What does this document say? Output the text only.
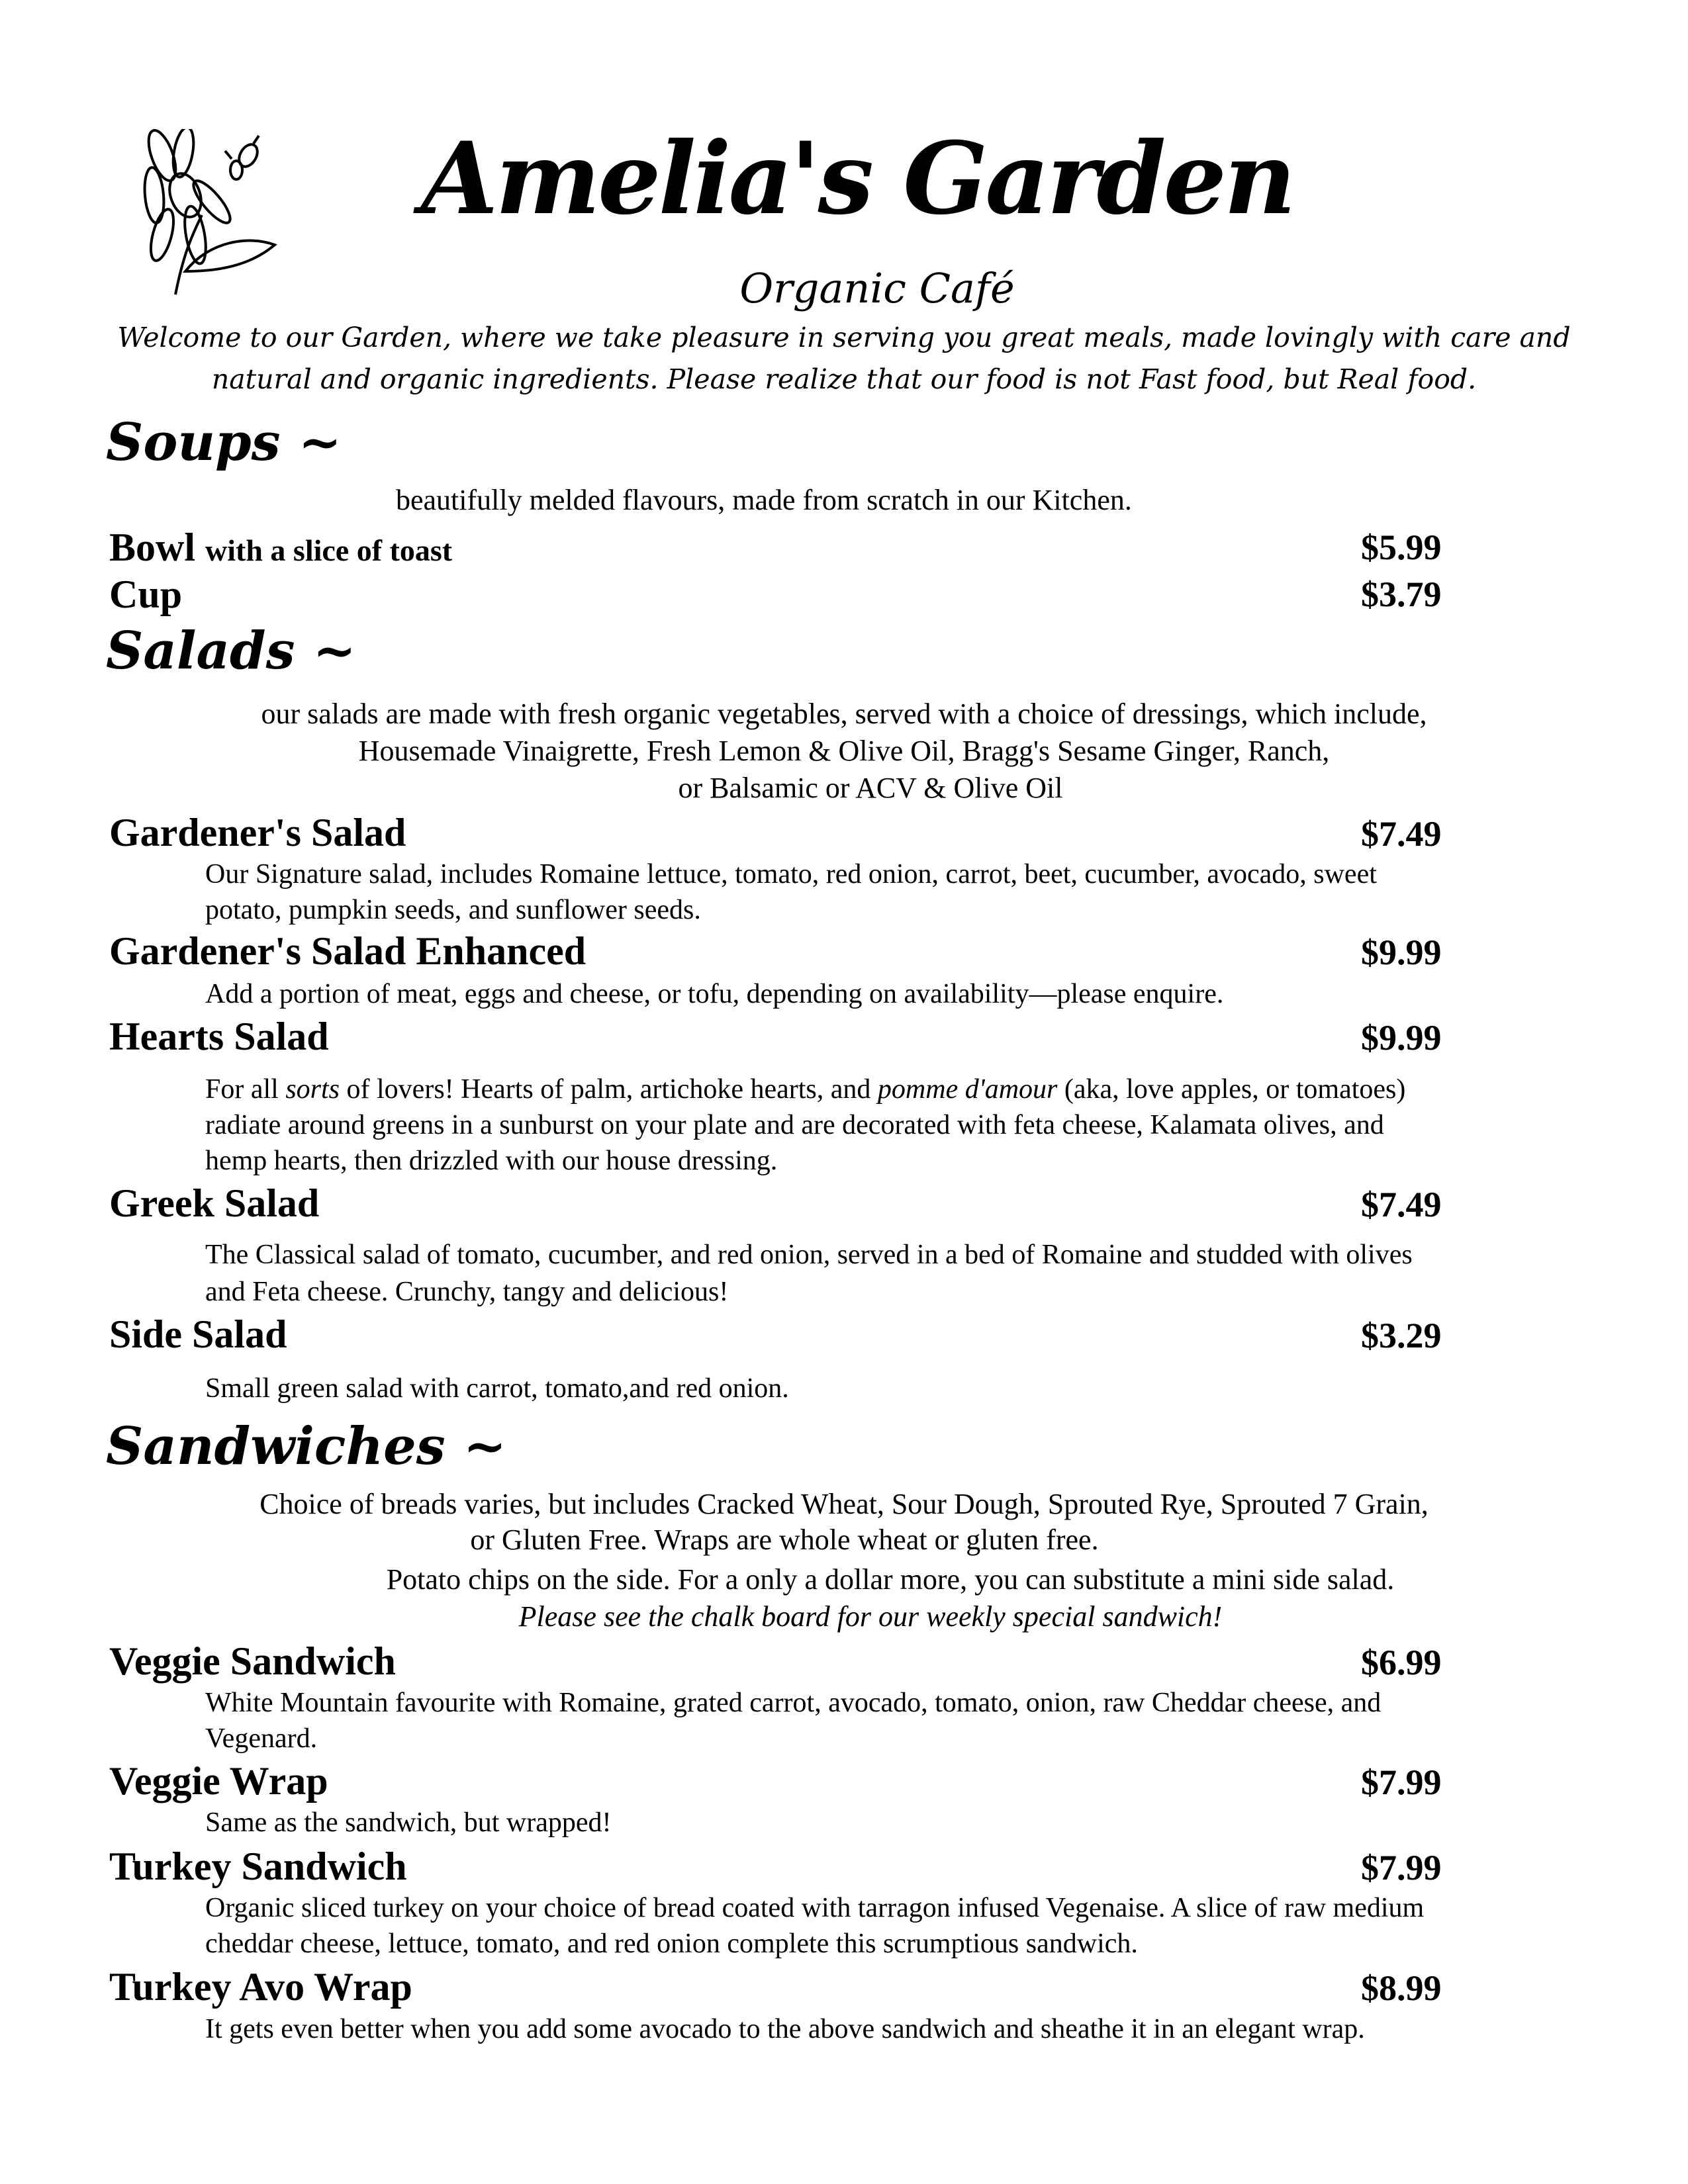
Amelia's Garden
Organic Café
Welcome to our Garden, where we take pleasure in serving you great meals, made lovingly with care and
natural and organic ingredients. Please realize that our food is not Fast food, but Real food.
Soups ~
beautifully melded flavours, made from scratch in our Kitchen.
Bowl with a slice of toast	$5.99
Cup	$3.79
Salads ~
our salads are made with fresh organic vegetables, served with a choice of dressings, which include,
Housemade Vinaigrette, Fresh Lemon & Olive Oil, Bragg's Sesame Ginger, Ranch,
or Balsamic or ACV & Olive Oil
Gardener's Salad	$7.49
Our Signature salad, includes Romaine lettuce, tomato, red onion, carrot, beet, cucumber, avocado, sweet
potato, pumpkin seeds, and sunflower seeds.
Gardener's Salad Enhanced	$9.99
Add a portion of meat, eggs and cheese, or tofu, depending on availability—please enquire.
Hearts Salad	$9.99
For all sorts of lovers! Hearts of palm, artichoke hearts, and pomme d'amour (aka, love apples, or tomatoes)
radiate around greens in a sunburst on your plate and are decorated with feta cheese, Kalamata olives, and
hemp hearts, then drizzled with our house dressing.
Greek Salad	$7.49
The Classical salad of tomato, cucumber, and red onion, served in a bed of Romaine and studded with olives
and Feta cheese. Crunchy, tangy and delicious!
Side Salad	$3.29
Small green salad with carrot, tomato,and red onion.
Sandwiches ~
Choice of breads varies, but includes Cracked Wheat, Sour Dough, Sprouted Rye, Sprouted 7 Grain,
or Gluten Free. Wraps are whole wheat or gluten free.
Potato chips on the side. For a only a dollar more, you can substitute a mini side salad.
Please see the chalk board for our weekly special sandwich!
Veggie Sandwich	$6.99
White Mountain favourite with Romaine, grated carrot, avocado, tomato, onion, raw Cheddar cheese, and
Vegenard.
Veggie Wrap	$7.99
Same as the sandwich, but wrapped!
Turkey Sandwich	$7.99
Organic sliced turkey on your choice of bread coated with tarragon infused Vegenaise. A slice of raw medium
cheddar cheese, lettuce, tomato, and red onion complete this scrumptious sandwich.
Turkey Avo Wrap	$8.99
It gets even better when you add some avocado to the above sandwich and sheathe it in an elegant wrap.
